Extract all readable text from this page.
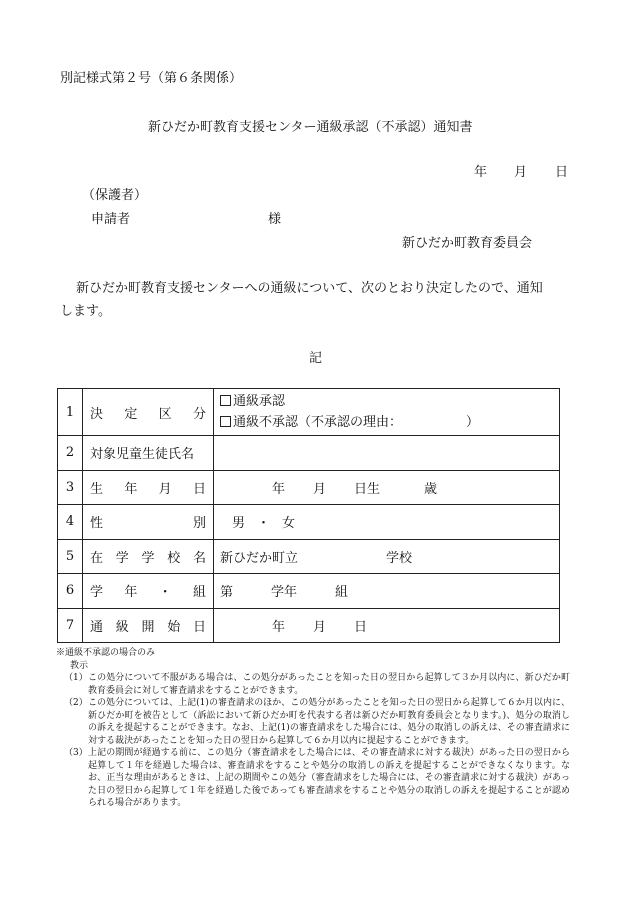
別記様式第２号（第６条関係）
新ひだか町教育支援センター通級承認（不承認）通知書
年 月 日
（保護者）
申請者	様
新ひだか町教育委員会
新ひだか町教育支援センターへの通級について、次のとおり決定したので、通知
します。
記
1	決 定 区 分	通級承認
通級不承認（不承認の理由： ）

2	対象児童生徒氏名	
3	生 年 月 日	年 月 日生 歳
4	性 別	男 ・ 女
5	在 学 学 校 名	新ひだか町立 学校
6	学 年 ・ 組	第 学年 組
7	通 級 開 始 日	年 月 日

※通級不承認の場合のみ

教示

（1） この処分について不服がある場合は、この処分があったことを知った日の翌日から起算して３か月以内に、新ひだか町教育委員会に対して審査請求をすることができます。
（2） この処分については、上記(1)の審査請求のほか、この処分があったことを知った日の翌日から起算して６か月以内に、新ひだか町を被告として（訴訟において新ひだか町を代表する者は新ひだか町教育委員会となります。)、処分の取消しの訴えを提起することができます。なお、上記(1)の審査請求をした場合には、処分の取消しの訴えは、その審査請求に対する裁決があったことを知った日の翌日から起算して６か月以内に提起することができます。
（3） 上記の期間が経過する前に、この処分（審査請求をした場合には、その審査請求に対する裁決）があった日の翌日から起算して１年を経過した場合は、審査請求をすることや処分の取消しの訴えを提起することができなくなります。なお、正当な理由があるときは、上記の期間やこの処分（審査請求をした場合には、その審査請求に対する裁決）があった日の翌日から起算して１年を経過した後であっても審査請求をすることや処分の取消しの訴えを提起することが認められる場合があります。
